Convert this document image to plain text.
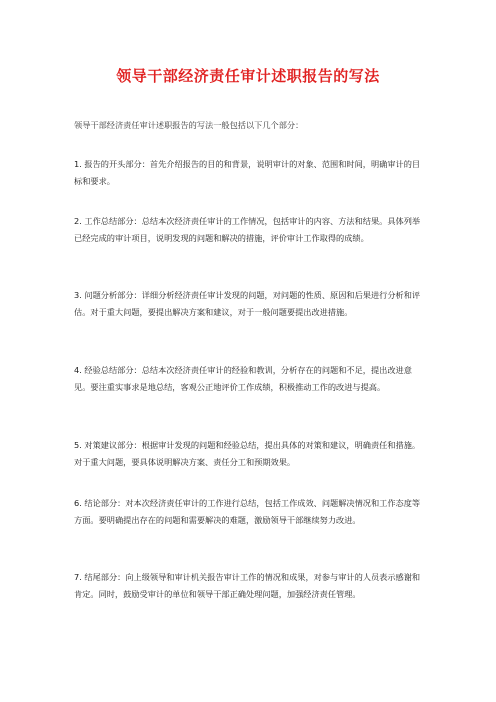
领导干部经济责任审计述职报告的写法
领导干部经济责任审计述职报告的写法一般包括以下几个部分：
1. 报告的开头部分：首先介绍报告的目的和背景，说明审计的对象、范围和时间，明确审计的目标和要求。
2. 工作总结部分：总结本次经济责任审计的工作情况，包括审计的内容、方法和结果。具体列举已经完成的审计项目，说明发现的问题和解决的措施，评价审计工作取得的成绩。
3. 问题分析部分：详细分析经济责任审计发现的问题，对问题的性质、原因和后果进行分析和评估。对于重大问题，要提出解决方案和建议，对于一般问题要提出改进措施。
4. 经验总结部分：总结本次经济责任审计的经验和教训，分析存在的问题和不足，提出改进意见。要注重实事求是地总结，客观公正地评价工作成绩，积极推动工作的改进与提高。
5. 对策建议部分：根据审计发现的问题和经验总结，提出具体的对策和建议，明确责任和措施。对于重大问题，要具体说明解决方案、责任分工和预期效果。
6. 结论部分：对本次经济责任审计的工作进行总结，包括工作成效、问题解决情况和工作态度等方面。要明确提出存在的问题和需要解决的难题，激励领导干部继续努力改进。
7. 结尾部分：向上级领导和审计机关报告审计工作的情况和成果，对参与审计的人员表示感谢和肯定。同时，鼓励受审计的单位和领导干部正确处理问题，加强经济责任管理。
